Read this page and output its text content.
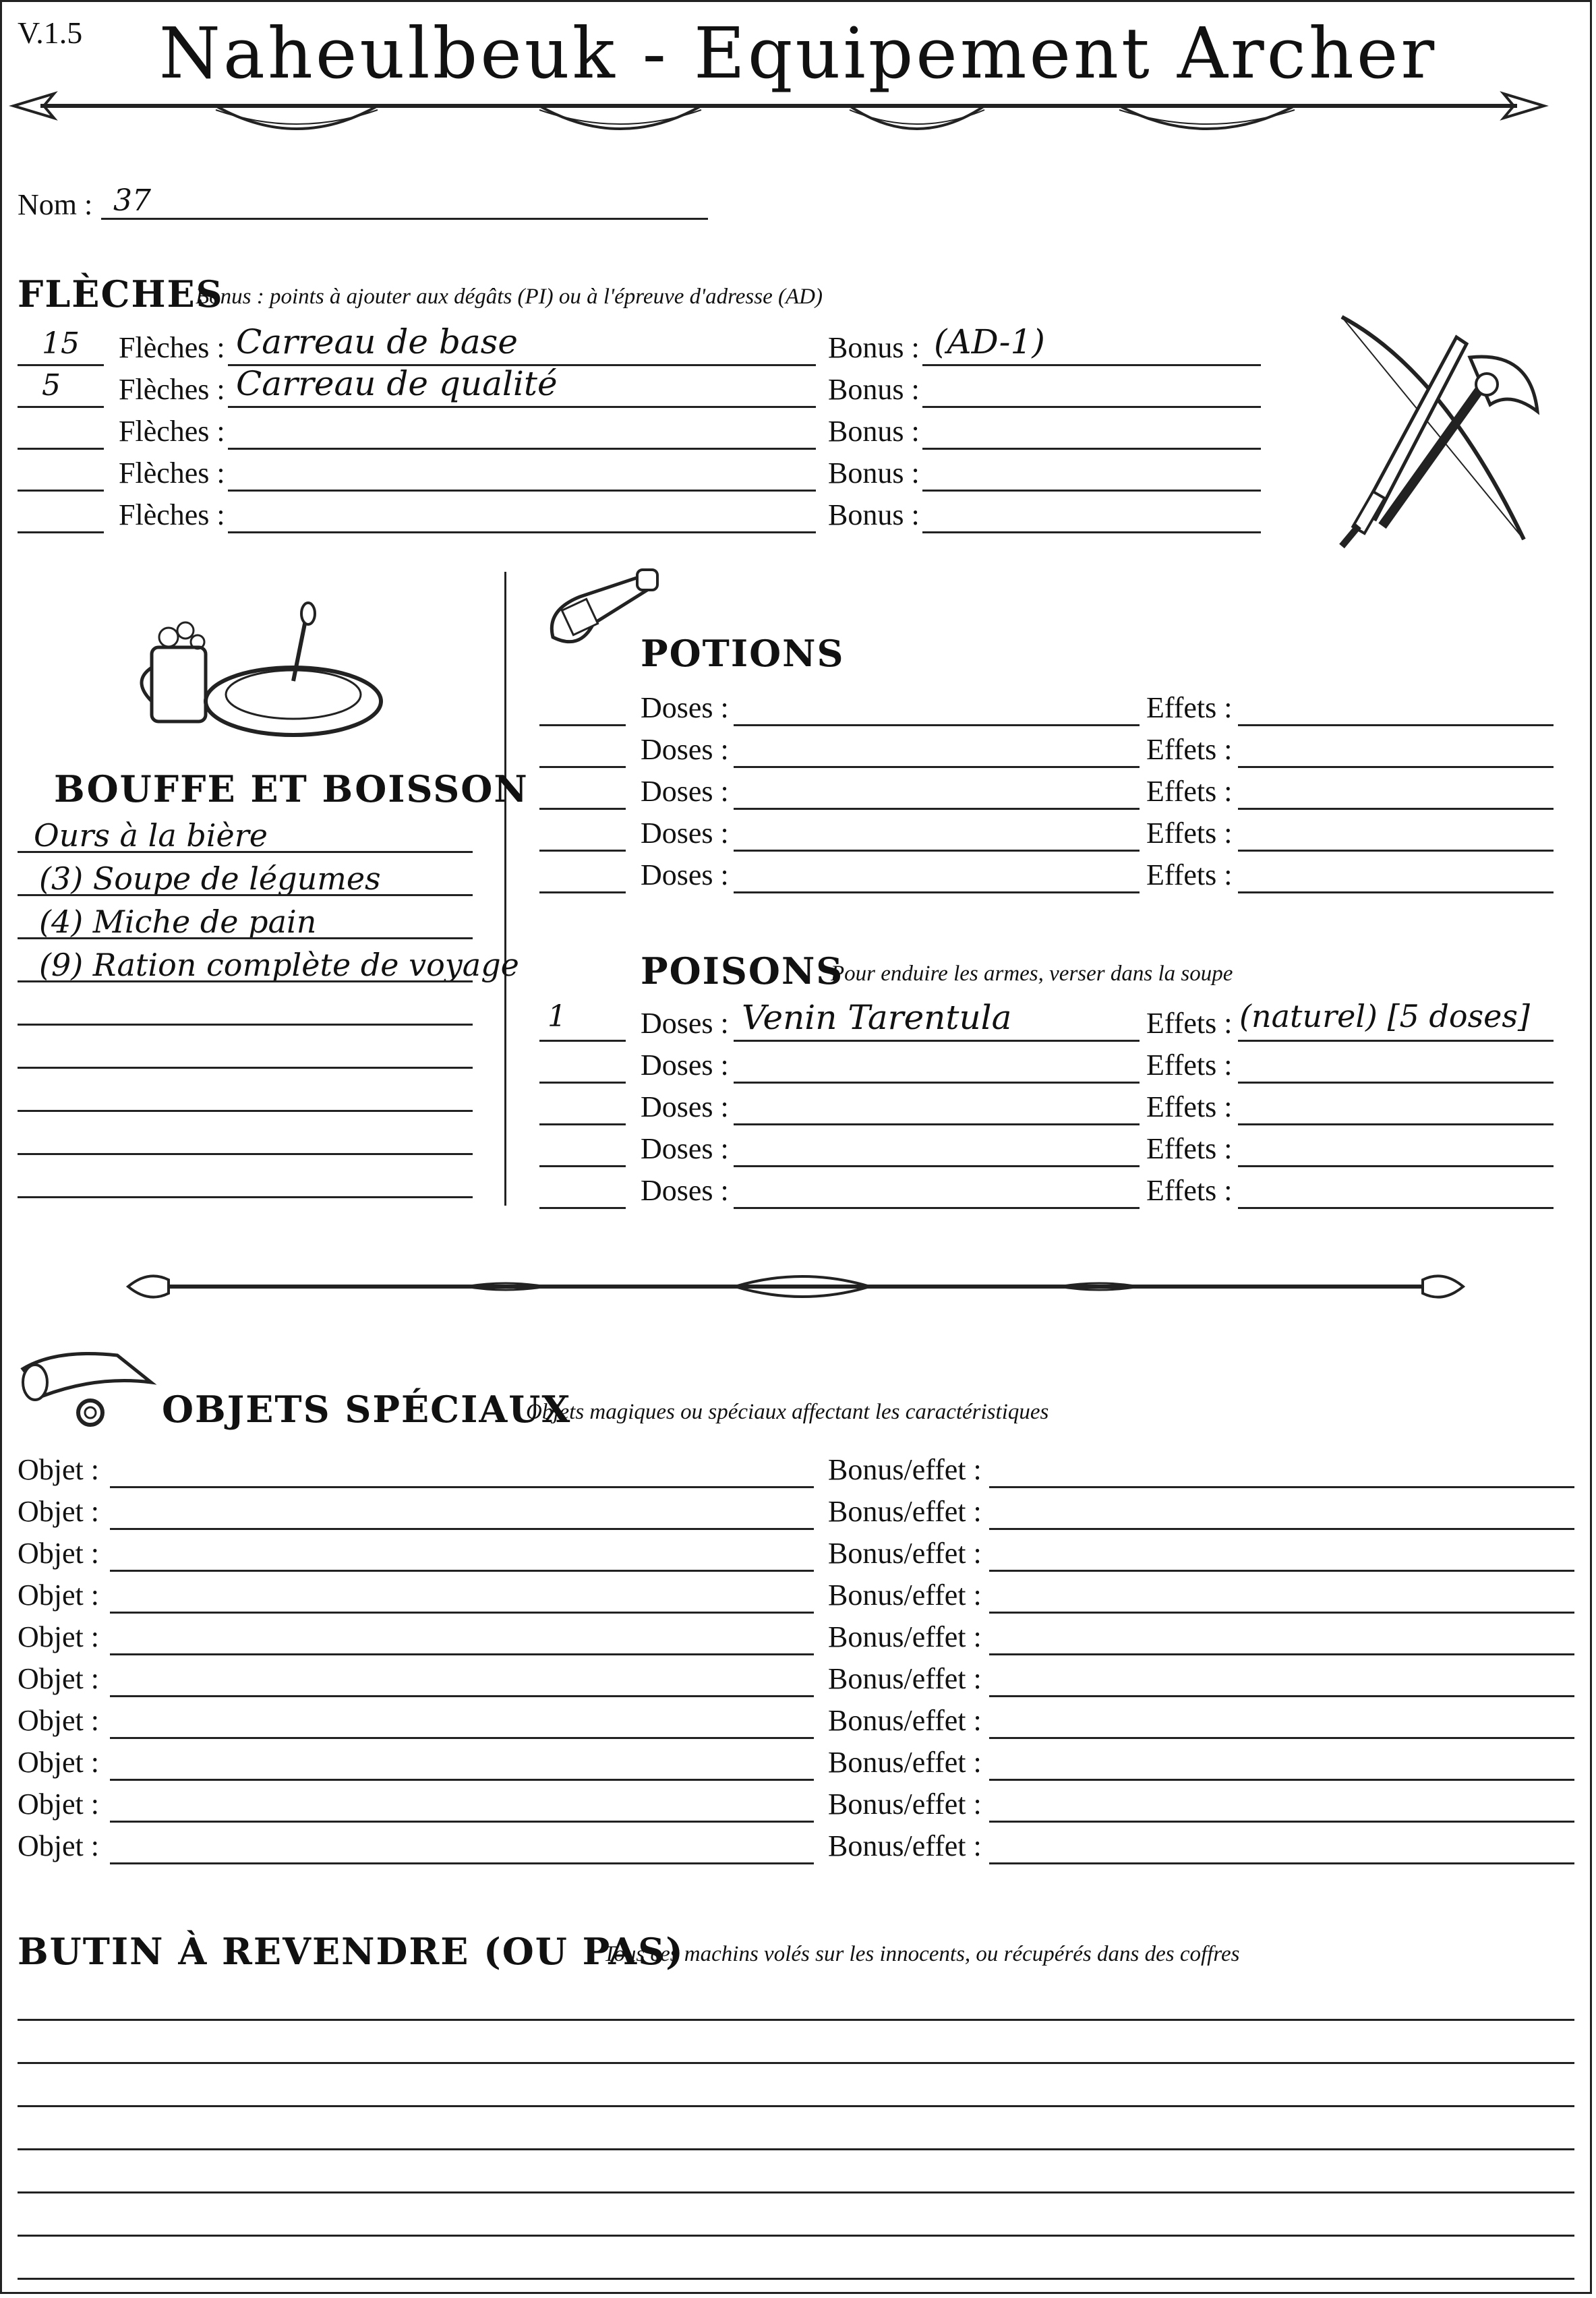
V.1.5	Naheulbeuk - Equipement Archer
Nom : 37
FLÈCHES
Bonus : points à ajouter aux dégâts (PI) ou à l'épreuve d'adresse (AD)
15 Flèches : Carreau de base	Bonus : (AD-1)
5 Flèches : Carreau de qualité	Bonus :
Flèches :	Bonus :
Flèches :	Bonus :
Flèches :	Bonus :
BOUFFE ET BOISSON
Ours à la bière
(3) Soupe de légumes
(4) Miche de pain
(9) Ration complète de voyage
POTIONS
Doses :	Effets :
Doses :	Effets :
Doses :	Effets :
Doses :	Effets :
Doses :	Effets :
POISONS
Pour enduire les armes, verser dans la soupe
1	Doses : Venin Tarentula	Effets : (naturel) [5 doses]
Doses :	Effets :
Doses :	Effets :
Doses :	Effets :
Doses :	Effets :
OBJETS SPÉCIAUX
Objets magiques ou spéciaux affectant les caractéristiques
Objet :	Bonus/effet :
Objet :	Bonus/effet :
Objet :	Bonus/effet :
Objet :	Bonus/effet :
Objet :	Bonus/effet :
Objet :	Bonus/effet :
Objet :	Bonus/effet :
Objet :	Bonus/effet :
Objet :	Bonus/effet :
Objet :	Bonus/effet :
BUTIN À REVENDRE (OU PAS)
Tous ces machins volés sur les innocents, ou récupérés dans des coffres
